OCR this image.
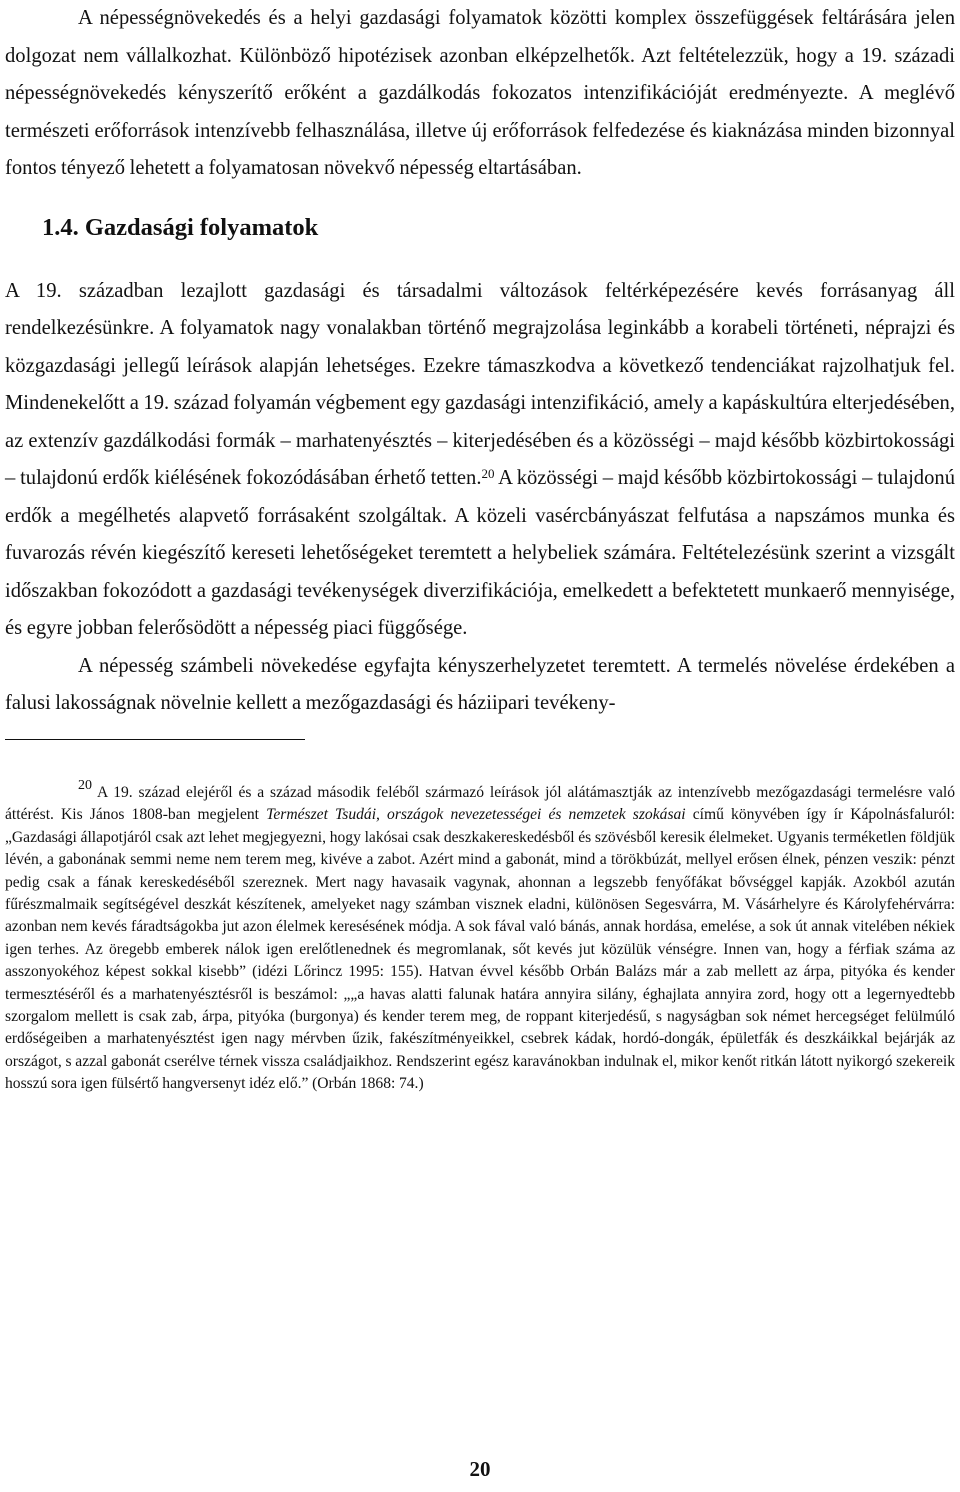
A népességnövekedés és a helyi gazdasági folyamatok közötti komplex összefüggések feltárására jelen dolgozat nem vállalkozhat. Különböző hipotézisek azonban elképzelhetők. Azt feltételezzük, hogy a 19. századi népességnövekedés kényszerítő erőként a gazdálkodás fokozatos intenzifikációját eredményezte. A meglévő természeti erőforrások intenzívebb felhasználása, illetve új erőforrások felfedezése és kiaknázása minden bizonnyal fontos tényező lehetett a folyamatosan növekvő népesség eltartásában.

1.4. Gazdasági folyamatok

A 19. században lezajlott gazdasági és társadalmi változások feltérképezésére kevés forrásanyag áll rendelkezésünkre. A folyamatok nagy vonalakban történő megrajzolása leginkább a korabeli történeti, néprajzi és közgazdasági jellegű leírások alapján lehetséges. Ezekre támaszkodva a következő tendenciákat rajzolhatjuk fel. Mindenekelőtt a 19. század folyamán végbement egy gazdasági intenzifikáció, amely a kapáskultúra elterjedésében, az extenzív gazdálkodási formák – marhatenyésztés – kiterjedésében és a közösségi – majd később közbirtokossági – tulajdonú erdők kiélésének fokozódásában érhető tetten.$^{20}$ A közösségi – majd később közbirtokossági – tulajdonú erdők a megélhetés alapvető forrásaként szolgáltak. A közeli vasércbányászat felfutása a napszámos munka és fuvarozás révén kiegészítő kereseti lehetőségeket teremtett a helybeliek számára. Feltételezésünk szerint a vizsgált időszakban fokozódott a gazdasági tevékenységek diverzifikációja, emelkedett a befektetett munkaerő mennyisége, és egyre jobban felerősödött a népesség piaci függősége.

A népesség számbeli növekedése egyfajta kényszerhelyzetet teremtett. A termelés növelése érdekében a falusi lakosságnak növelnie kellett a mezőgazdasági és háziipari tevékeny-

20 A 19. század elejéről és a század második feléből származó leírások jól alátámasztják az intenzívebb mezőgazdasági termelésre való áttérést. Kis János 1808-ban megjelent Természet Tsudái, országok nevezetességei és nemzetek szokásai című könyvében így ír Kápolnásfaluról: „Gazdasági állapotjáról csak azt lehet megjegyezni, hogy lakósai csak deszkakereskedésből és szövésből keresik élelmeket. Ugyanis terméketlen földjük lévén, a gabonának semmi neme nem terem meg, kivéve a zabot. Azért mind a gabonát, mind a törökbúzát, mellyel erősen élnek, pénzen veszik: pénzt pedig csak a fának kereskedéséből szereznek. Mert nagy havasaik vagynak, ahonnan a legszebb fenyőfákat bővséggel kapják. Azokból azután fűrészmalmaik segítségével deszkát készítenek, amelyeket nagy számban visznek eladni, különösen Segesvárra, M. Vásárhelyre és Károlyfehérvárra: azonban nem kevés fáradtságokba jut azon élelmek keresésének módja. A sok fával való bánás, annak hordása, emelése, a sok út annak vitelében nékiek igen terhes. Az öregebb emberek nálok igen erelőtlenednek és megromlanak, sőt kevés jut közülük vénségre. Innen van, hogy a férfiak száma az asszonyokéhoz képest sokkal kisebb” (idézi Lőrincz 1995: 155). Hatvan évvel később Orbán Balázs már a zab mellett az árpa, pityóka és kender termesztéséről és a marhatenyésztésről is beszámol: „„a havas alatti falunak határa annyira silány, éghajlata annyira zord, hogy ott a legernyedtebb szorgalom mellett is csak zab, árpa, pityóka (burgonya) és kender terem meg, de roppant kiterjedésű, s nagyságban sok német hercegséget felülmúló erdőségeiben a marhatenyésztést igen nagy mérvben űzik, fakészítményeikkel, csebrek kádak, hordó-dongák, épületfák és deszkáikkal bejárják az országot, s azzal gabonát cserélve térnek vissza családjaikhoz. Rendszerint egész karavánokban indulnak el, mikor kenőt ritkán látott nyikorgó szekereik hosszú sora igen fülsértő hangversenyt idéz elő.” (Orbán 1868: 74.)
20
